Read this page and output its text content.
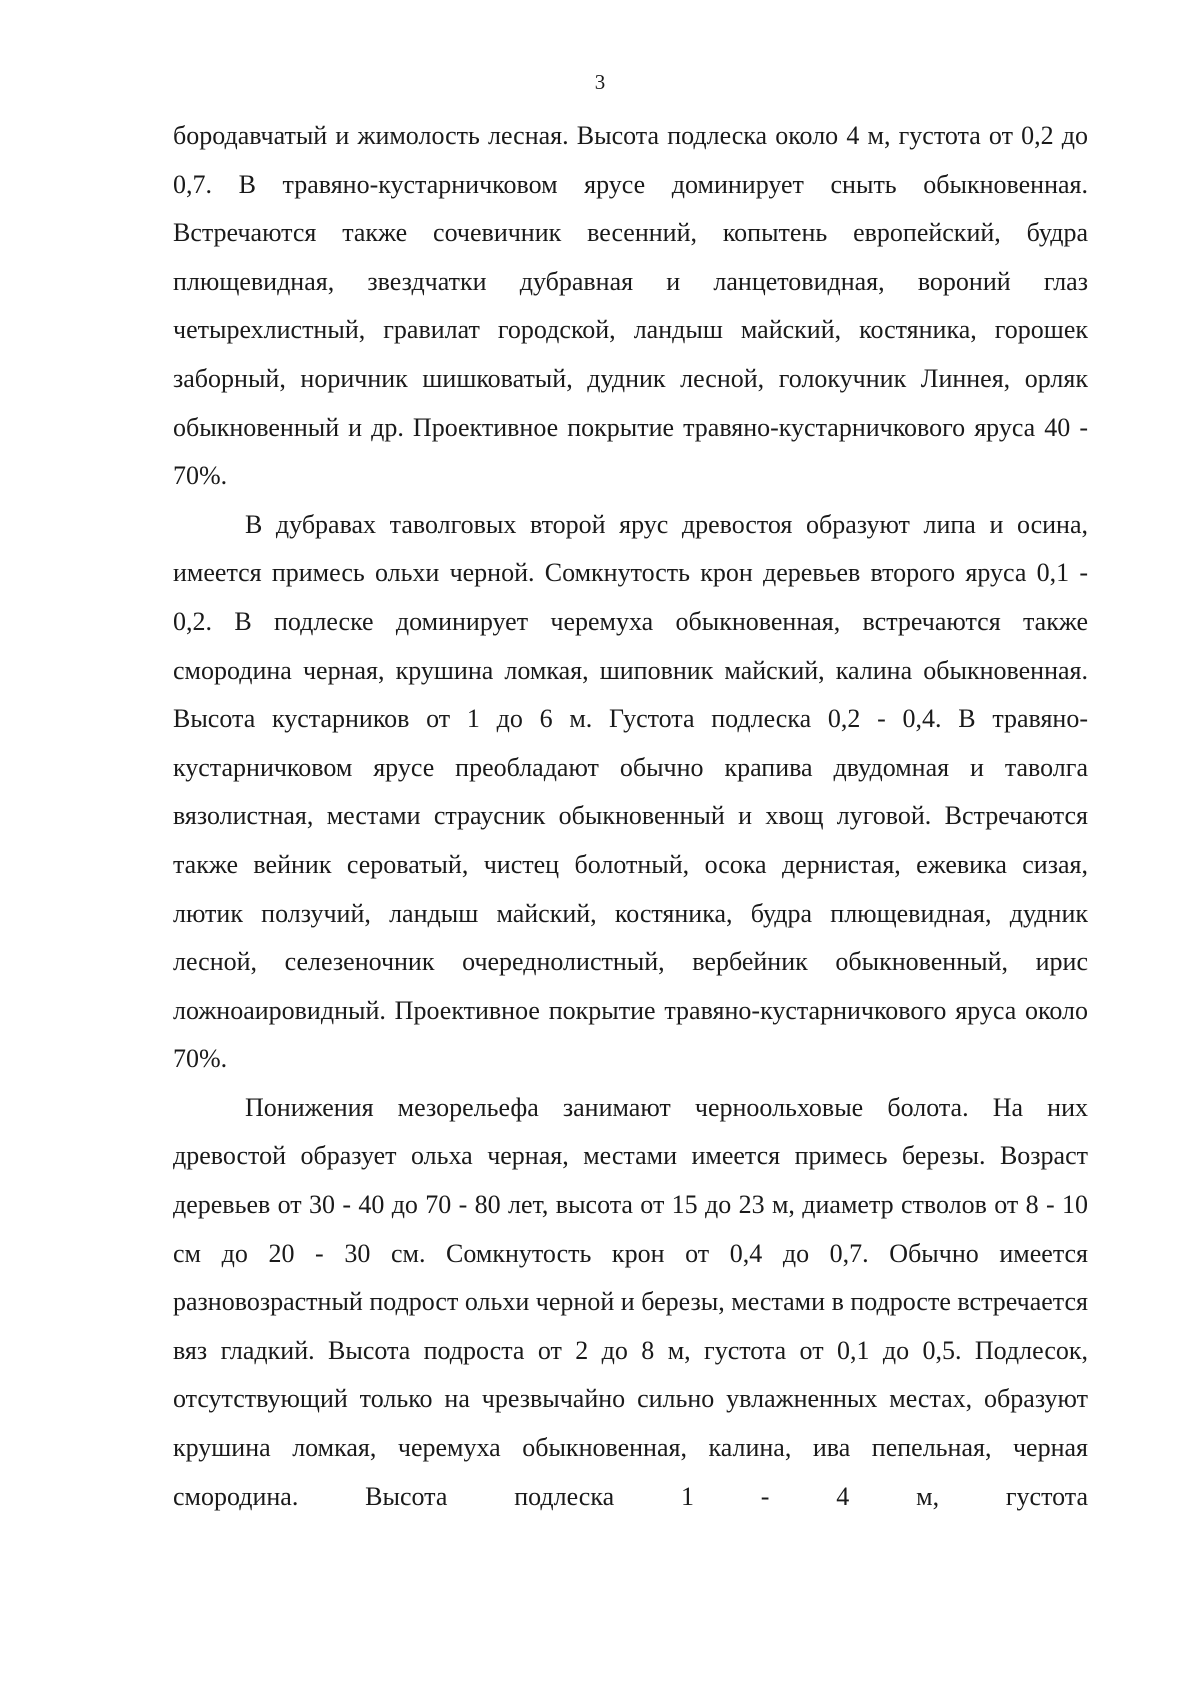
3

бородавчатый и жимолость лесная. Высота подлеска около 4 м, густота от 0,2 до 0,7. В травяно-кустарничковом ярусе доминирует сныть обыкновенная. Встречаются также сочевичник весенний, копытень европейский, будра плющевидная, звездчатки дубравная и ланцетовидная, вороний глаз четырехлистный, гравилат городской, ландыш майский, костяника, горошек заборный, норичник шишковатый, дудник лесной, голокучник Линнея, орляк обыкновенный и др. Проективное покрытие травяно-кустарничкового яруса 40 - 70%.

В дубравах таволговых второй ярус древостоя образуют липа и осина, имеется примесь ольхи черной. Сомкнутость крон деревьев второго яруса 0,1 - 0,2. В подлеске доминирует черемуха обыкновенная, встречаются также смородина черная, крушина ломкая, шиповник майский, калина обыкновенная. Высота кустарников от 1 до 6 м. Густота подлеска 0,2 - 0,4. В травяно-кустарничковом ярусе преобладают обычно крапива двудомная и таволга вязолистная, местами страусник обыкновенный и хвощ луговой. Встречаются также вейник сероватый, чистец болотный, осока дернистая, ежевика сизая, лютик ползучий, ландыш майский, костяника, будра плющевидная, дудник лесной, селезеночник очереднолистный, вербейник обыкновенный, ирис ложноаировидный. Проективное покрытие травяно-кустарничкового яруса около 70%.

Понижения мезорельефа занимают черноольховые болота. На них древостой образует ольха черная, местами имеется примесь березы. Возраст деревьев от 30 - 40 до 70 - 80 лет, высота от 15 до 23 м, диаметр стволов от 8 - 10 см до 20 - 30 см. Сомкнутость крон от 0,4 до 0,7. Обычно имеется разновозрастный подрост ольхи черной и березы, местами в подросте встречается вяз гладкий. Высота подроста от 2 до 8 м, густота от 0,1 до 0,5. Подлесок, отсутствующий только на чрезвычайно сильно увлажненных местах, образуют крушина ломкая, черемуха обыкновенная, калина, ива пепельная, черная смородина. Высота подлеска 1 - 4 м, густота
